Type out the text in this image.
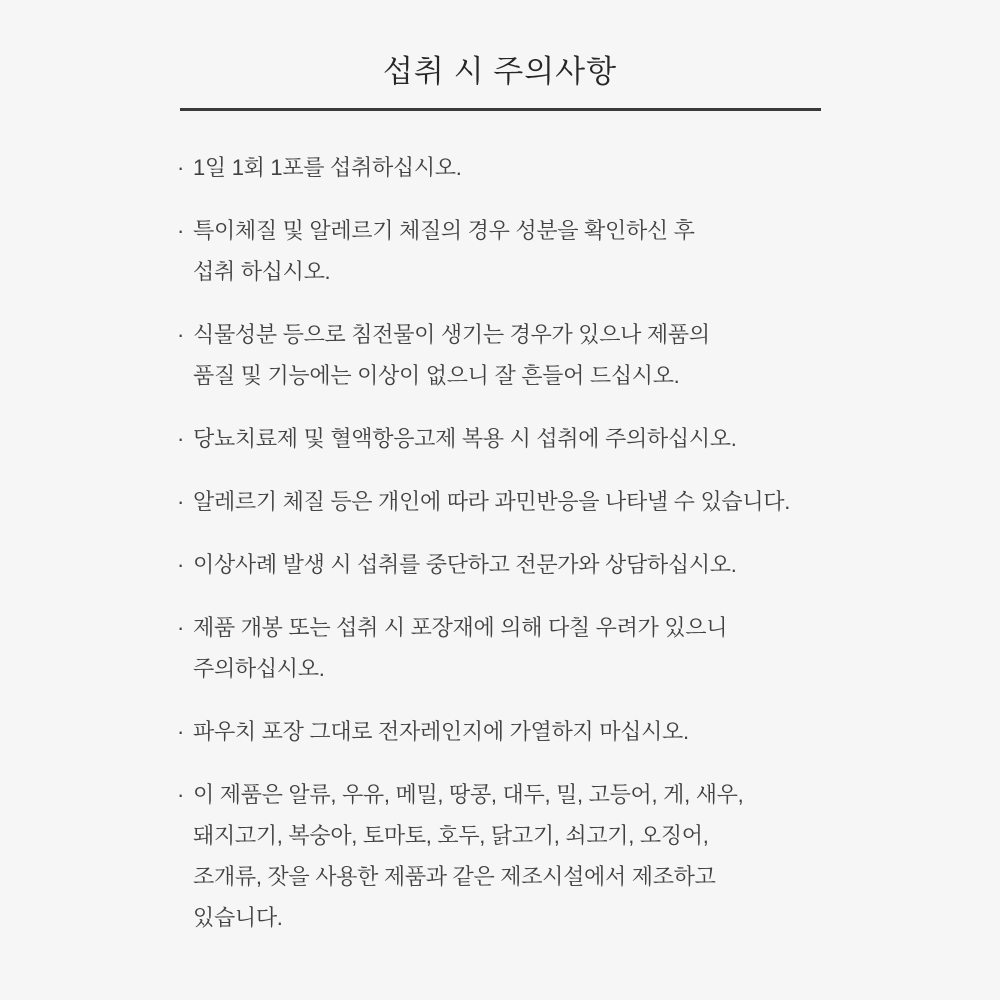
섭취 시 주의사항
· 1일 1회 1포를 섭취하십시오.
· 특이체질 및 알레르기 체질의 경우 성분을 확인하신 후
섭취 하십시오.
· 식물성분 등으로 침전물이 생기는 경우가 있으나 제품의
품질 및 기능에는 이상이 없으니 잘 흔들어 드십시오.
· 당뇨치료제 및 혈액항응고제 복용 시 섭취에 주의하십시오.
· 알레르기 체질 등은 개인에 따라 과민반응을 나타낼 수 있습니다.
· 이상사례 발생 시 섭취를 중단하고 전문가와 상담하십시오.
· 제품 개봉 또는 섭취 시 포장재에 의해 다칠 우려가 있으니
주의하십시오.
· 파우치 포장 그대로 전자레인지에 가열하지 마십시오.
· 이 제품은 알류, 우유, 메밀, 땅콩, 대두, 밀, 고등어, 게, 새우,
돼지고기, 복숭아, 토마토, 호두, 닭고기, 쇠고기, 오징어,
조개류, 잣을 사용한 제품과 같은 제조시설에서 제조하고
있습니다.
